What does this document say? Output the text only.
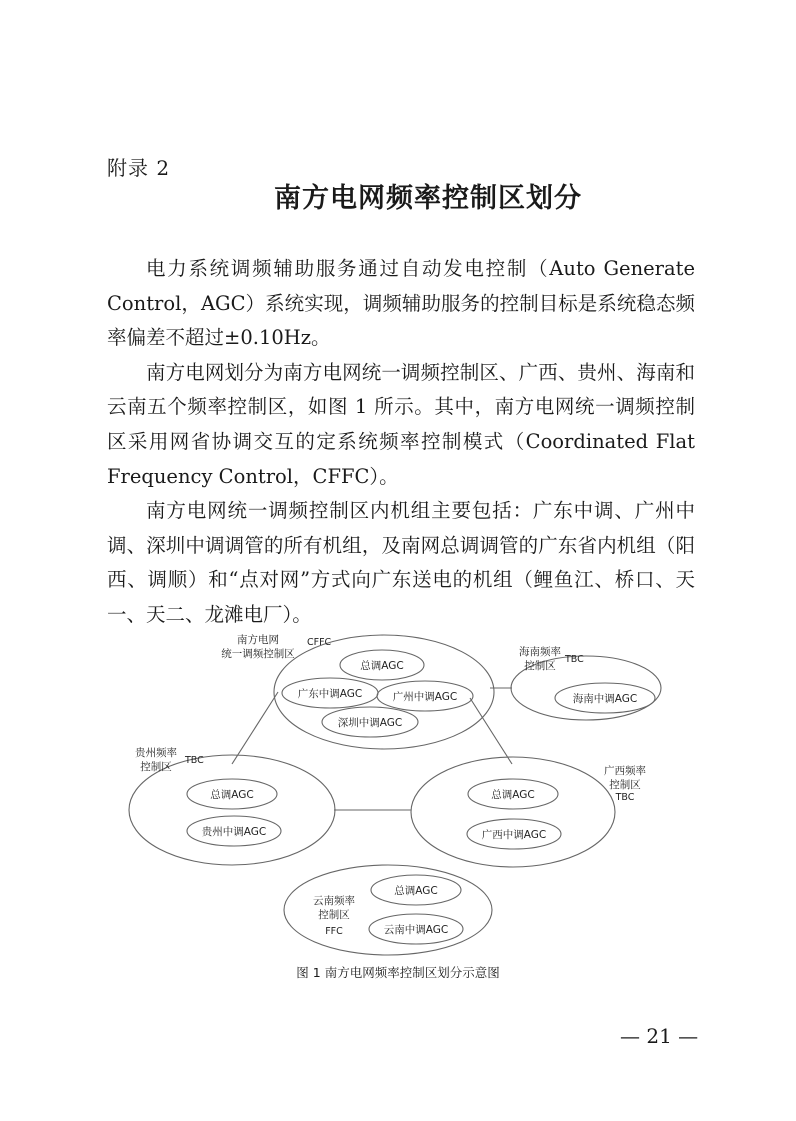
附录 2
南方电网频率控制区划分

电力系统调频辅助服务通过自动发电控制（Auto Generate Control，AGC）系统实现，调频辅助服务的控制目标是系统稳态频率偏差不超过±0.10Hz。

南方电网划分为南方电网统一调频控制区、广西、贵州、海南和云南五个频率控制区，如图 1 所示。其中，南方电网统一调频控制区采用网省协调交互的定系统频率控制模式（Coordinated Flat Frequency Control，CFFC）。

南方电网统一调频控制区内机组主要包括：广东中调、广州中调、深圳中调调管的所有机组，及南网总调调管的广东省内机组（阳西、调顺）和“点对网”方式向广东送电的机组（鲤鱼江、桥口、天一、天二、龙滩电厂）。

南方电网
统一调频控制区
CFFC
总调AGC
广东中调AGC	广州中调AGC
深圳中调AGC
海南频率
控制区
TBC
海南中调AGC
贵州频率
控制区
TBC
总调AGC
贵州中调AGC
广西频率
控制区
TBC
总调AGC
广西中调AGC
云南频率
控制区
FFC
总调AGC
云南中调AGC
图 1 南方电网频率控制区划分示意图
— 21 —
